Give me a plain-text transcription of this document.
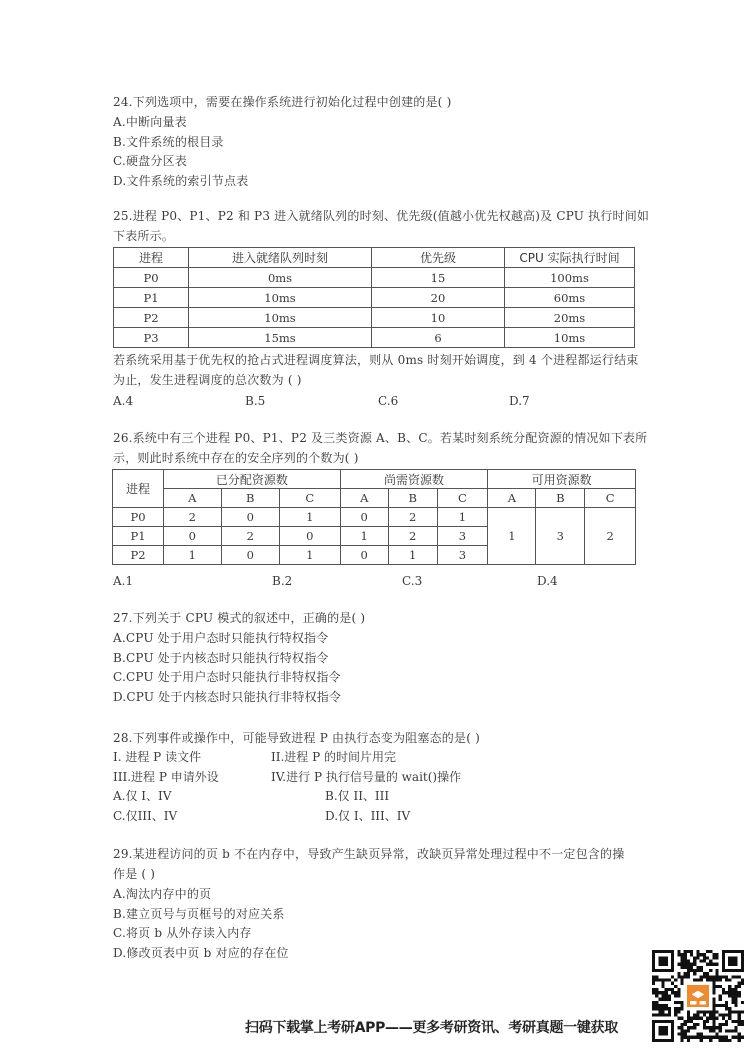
24.下列选项中，需要在操作系统进行初始化过程中创建的是( )
A.中断向量表
B.文件系统的根目录
C.硬盘分区表
D.文件系统的索引节点表
25.进程 P0、P1、P2 和 P3 进入就绪队列的时刻、优先级(值越小优先权越高)及 CPU 执行时间如
下表所示。
进程	进入就绪队列时刻	优先级	CPU 实际执行时间
P0	0ms	15	100ms
P1	10ms	20	60ms
P2	10ms	10	20ms
P3	15ms	6	10ms
若系统采用基于优先权的抢占式进程调度算法，则从 0ms 时刻开始调度，到 4 个进程都运行结束
为止，发生进程调度的总次数为 ( )
A.4	B.5	C.6	D.7
26.系统中有三个进程 P0、P1、P2 及三类资源 A、B、C。若某时刻系统分配资源的情况如下表所
示，则此时系统中存在的安全序列的个数为( )
进程	已分配资源数			尚需资源数			可用资源数		
	A	B	C	A	B	C	A	B	C
P0	2	0	1	0	2	1	1	3	2
P1	0	2	0	1	2	3			
P2	1	0	1	0	1	3			
A.1	B.2	C.3	D.4
27.下列关于 CPU 模式的叙述中，正确的是( )
A.CPU 处于用户态时只能执行特权指令
B.CPU 处于内核态时只能执行特权指令
C.CPU 处于用户态时只能执行非特权指令
D.CPU 处于内核态时只能执行非特权指令
28.下列事件或操作中，可能导致进程 P 由执行态变为阻塞态的是( )
I. 进程 P 读文件	II.进程 P 的时间片用完
III.进程 P 申请外设	IV.进行 P 执行信号量的 wait()操作
A.仅 I、IV	B.仅 II、III
C.仅III、IV	D.仅 I、III、IV
29.某进程访问的页 b 不在内存中，导致产生缺页异常，改缺页异常处理过程中不一定包含的操
作是 ( )
A.淘汰内存中的页
B.建立页号与页框号的对应关系
C.将页 b 从外存读入内存
D.修改页表中页 b 对应的存在位
扫码下载掌上考研APP——更多考研资讯、考研真题一键获取
